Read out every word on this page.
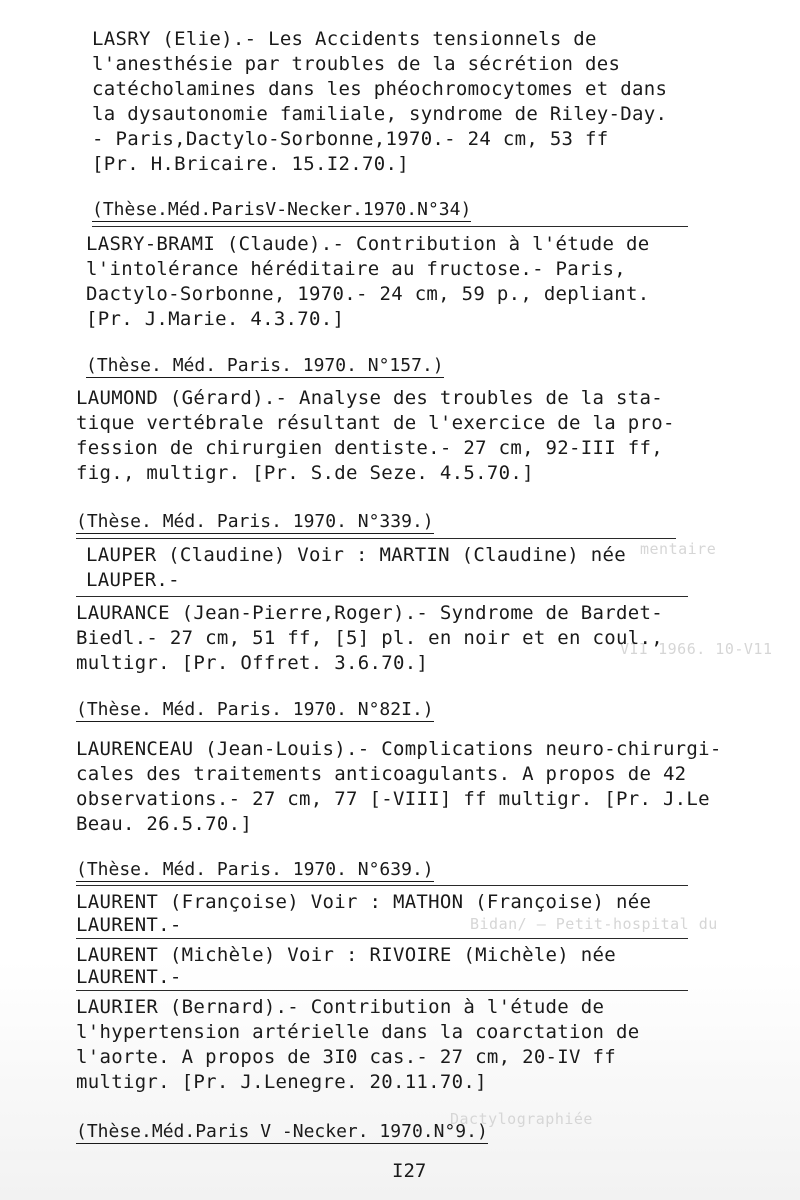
mentaire
VII 1966. 10-V11
Bidan/ — Petit-hospital du
Dactylographiée
LASRY (Elie).- Les Accidents tensionnels de
l'anesthésie par troubles de la sécrétion des
catécholamines dans les phéochromocytomes et dans
la dysautonomie familiale, syndrome de Riley-Day.
- Paris,Dactylo-Sorbonne,1970.- 24 cm, 53 ff
[Pr. H.Bricaire. 15.I2.70.]
(Thèse.Méd.ParisV-Necker.1970.N°34)
LASRY-BRAMI (Claude).- Contribution à l'étude de
l'intolérance héréditaire au fructose.- Paris,
Dactylo-Sorbonne, 1970.- 24 cm, 59 p., depliant.
[Pr. J.Marie. 4.3.70.]
(Thèse. Méd. Paris. 1970. N°157.)
LAUMOND (Gérard).- Analyse des troubles de la sta-
tique vertébrale résultant de l'exercice de la pro-
fession de chirurgien dentiste.- 27 cm, 92-III ff,
fig., multigr. [Pr. S.de Seze. 4.5.70.]
(Thèse. Méd. Paris. 1970. N°339.)
LAUPER (Claudine) Voir : MARTIN (Claudine) née
LAUPER.-
LAURANCE (Jean-Pierre,Roger).- Syndrome de Bardet-
Biedl.- 27 cm, 51 ff, [5] pl. en noir et en coul.,
multigr. [Pr. Offret. 3.6.70.]
(Thèse. Méd. Paris. 1970. N°82I.)
LAURENCEAU (Jean-Louis).- Complications neuro-chirurgi-
cales des traitements anticoagulants. A propos de 42
observations.- 27 cm, 77 [-VIII] ff multigr. [Pr. J.Le
Beau. 26.5.70.]
(Thèse. Méd. Paris. 1970. N°639.)
LAURENT (Françoise) Voir : MATHON (Françoise) née
LAURENT.-
LAURENT (Michèle) Voir : RIVOIRE (Michèle) née
LAURENT.-
LAURIER (Bernard).- Contribution à l'étude de
l'hypertension artérielle dans la coarctation de
l'aorte. A propos de 3I0 cas.- 27 cm, 20-IV ff
multigr. [Pr. J.Lenegre. 20.11.70.]
(Thèse.Méd.Paris V -Necker. 1970.N°9.)
I27
